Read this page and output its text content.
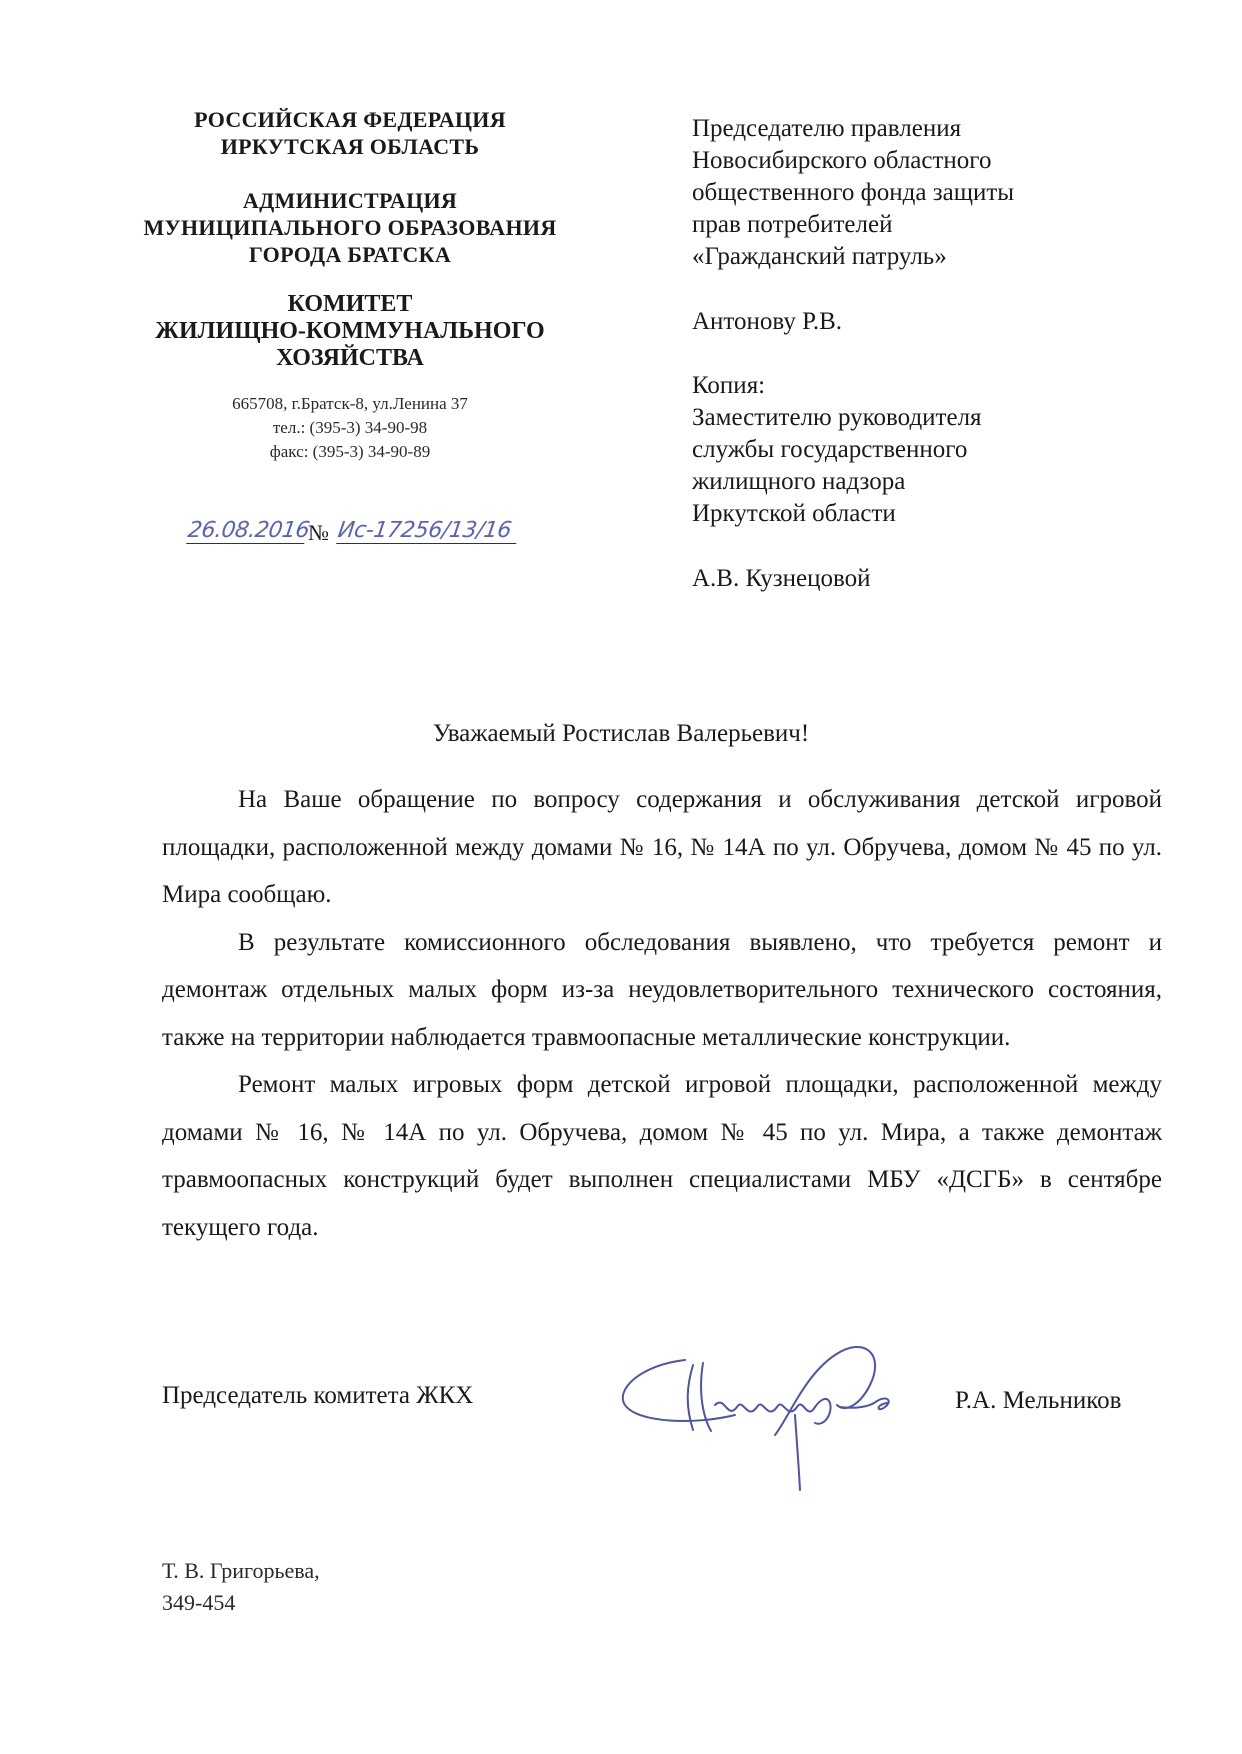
РОССИЙСКАЯ ФЕДЕРАЦИЯ
ИРКУТСКАЯ ОБЛАСТЬ
АДМИНИСТРАЦИЯ
МУНИЦИПАЛЬНОГО ОБРАЗОВАНИЯ
ГОРОДА БРАТСКА
КОМИТЕТ
ЖИЛИЩНО-КОММУНАЛЬНОГО
ХОЗЯЙСТВА
665708, г.Братск-8, ул.Ленина 37
тел.: (395-3) 34-90-98
факс: (395-3) 34-90-89
26.08.2016
№ Ис-17256/13/16
Председателю правления
Новосибирского областного
общественного фонда защиты
прав потребителей
«Гражданский патруль»
Антонову Р.В.
Копия:
Заместителю руководителя
службы государственного
жилищного надзора
Иркутской области
А.В. Кузнецовой
Уважаемый Ростислав Валерьевич!

На Ваше обращение по вопросу содержания и обслуживания детской игровой площадки, расположенной между домами № 16, № 14А по ул. Обручева, домом № 45 по ул. Мира сообщаю.

В результате комиссионного обследования выявлено, что требуется ремонт и демонтаж отдельных малых форм из-за неудовлетворительного технического состояния, также на территории наблюдается травмоопасные металлические конструкции.

Ремонт малых игровых форм детской игровой площадки, расположенной между домами № 16, № 14А по ул. Обручева, домом № 45 по ул. Мира, а также демонтаж травмоопасных конструкций будет выполнен специалистами МБУ «ДСГБ» в сентябре текущего года.

Председатель комитета ЖКХ	Р.А. Мельников
Т. В. Григорьева,
349-454
